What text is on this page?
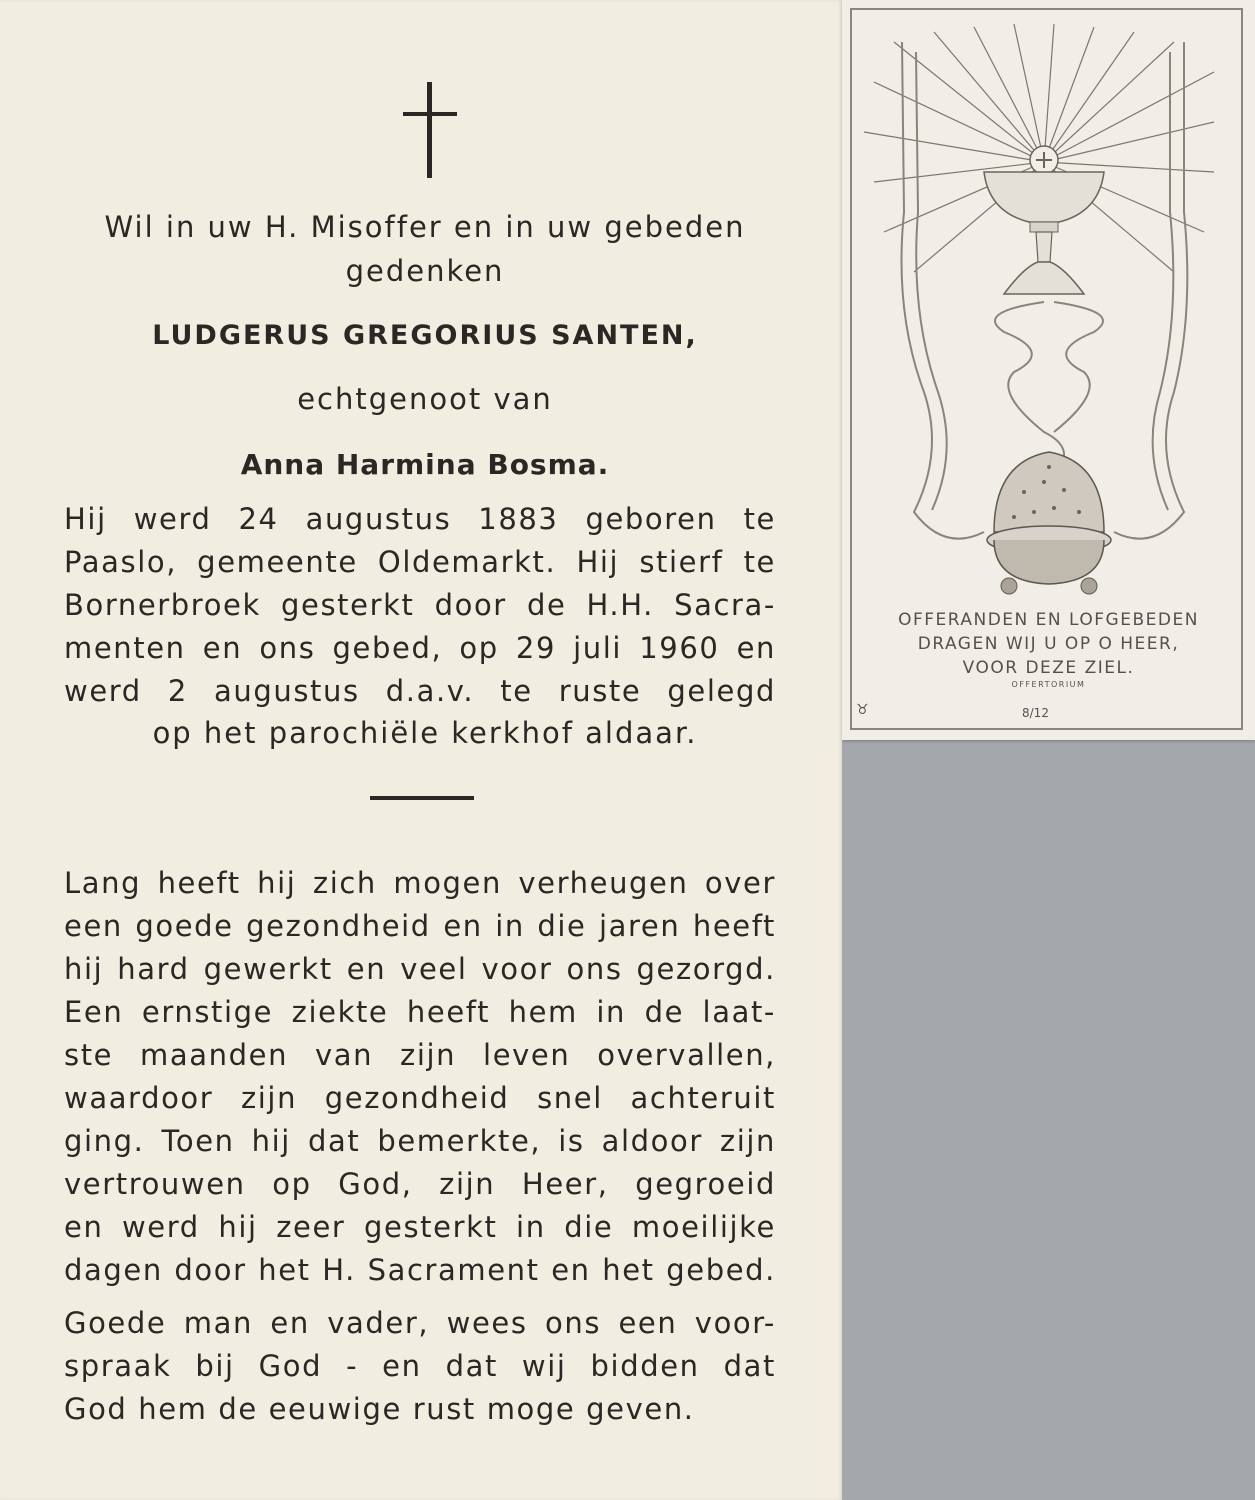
Wil in uw H. Misoffer en in uw gebeden
gedenken
LUDGERUS GREGORIUS SANTEN,
echtgenoot van
Anna Harmina Bosma.
Hij werd 24 augustus 1883 geboren te
Paaslo, gemeente Oldemarkt. Hij stierf te
Bornerbroek gesterkt door de H.H. Sacra-
menten en ons gebed, op 29 juli 1960 en
werd 2 augustus d.a.v. te ruste gelegd
op het parochiële kerkhof aldaar.
Lang heeft hij zich mogen verheugen over
een goede gezondheid en in die jaren heeft
hij hard gewerkt en veel voor ons gezorgd.
Een ernstige ziekte heeft hem in de laat-
ste maanden van zijn leven overvallen,
waardoor zijn gezondheid snel achteruit
ging. Toen hij dat bemerkte, is aldoor zijn
vertrouwen op God, zijn Heer, gegroeid
en werd hij zeer gesterkt in die moeilijke
dagen door het H. Sacrament en het gebed.
Goede man en vader, wees ons een voor-
spraak bij God - en dat wij bidden dat
God hem de eeuwige rust moge geven.
OFFERANDEN EN LOFGEBEDEN
DRAGEN WIJ U OP O HEER,
VOOR DEZE ZIEL.
OFFERTORIUM
♉	8/12
